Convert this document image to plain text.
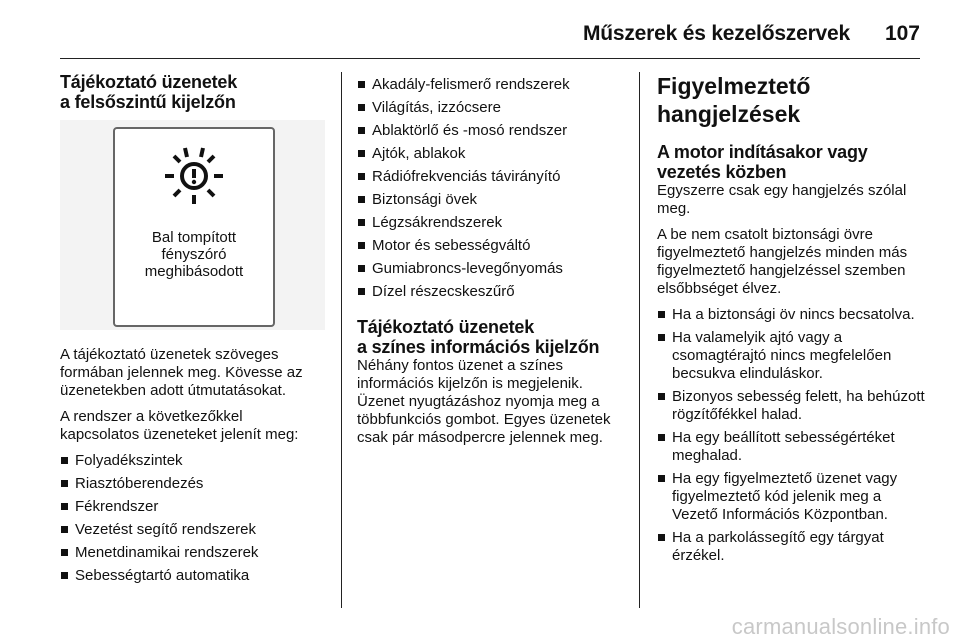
Műszerek és kezelőszervek 107
Tájékoztató üzenetek
a felsőszintű kijelzőn
Bal tompított
fényszóró
meghibásodott

A tájékoztató üzenetek szöveges formában jelennek meg. Kövesse az üzenetekben adott útmutatásokat.

A rendszer a következőkkel kapcsolatos üzeneteket jelenít meg:

Folyadékszintek
Riasztóberendezés
Fékrendszer
Vezetést segítő rendszerek
Menetdinamikai rendszerek
Sebességtartó automatika
Akadály-felismerő rendszerek
Világítás, izzócsere
Ablaktörlő és -mosó rendszer
Ajtók, ablakok
Rádiófrekvenciás távirányító
Biztonsági övek
Légzsákrendszerek
Motor és sebességváltó
Gumiabroncs-levegőnyomás
Dízel részecskeszűrő
Tájékoztató üzenetek
a színes információs kijelzőn

Néhány fontos üzenet a színes információs kijelzőn is megjelenik. Üzenet nyugtázáshoz nyomja meg a többfunkciós gombot. Egyes üzenetek csak pár másodpercre jelennek meg.

Figyelmeztető
hangjelzések
A motor indításakor vagy
vezetés közben

Egyszerre csak egy hangjelzés szólal meg.

A be nem csatolt biztonsági övre figyelmeztető hangjelzés minden más figyelmeztető hangjelzéssel szemben elsőbbséget élvez.

Ha a biztonsági öv nincs becsatolva.
Ha valamelyik ajtó vagy a csomagtérajtó nincs megfelelően becsukva elinduláskor.
Bizonyos sebesség felett, ha behúzott rögzítőfékkel halad.
Ha egy beállított sebességértéket meghalad.
Ha egy figyelmeztető üzenet vagy figyelmeztető kód jelenik meg a Vezető Információs Központban.
Ha a parkolássegítő egy tárgyat érzékel.
carmanualsonline.info
